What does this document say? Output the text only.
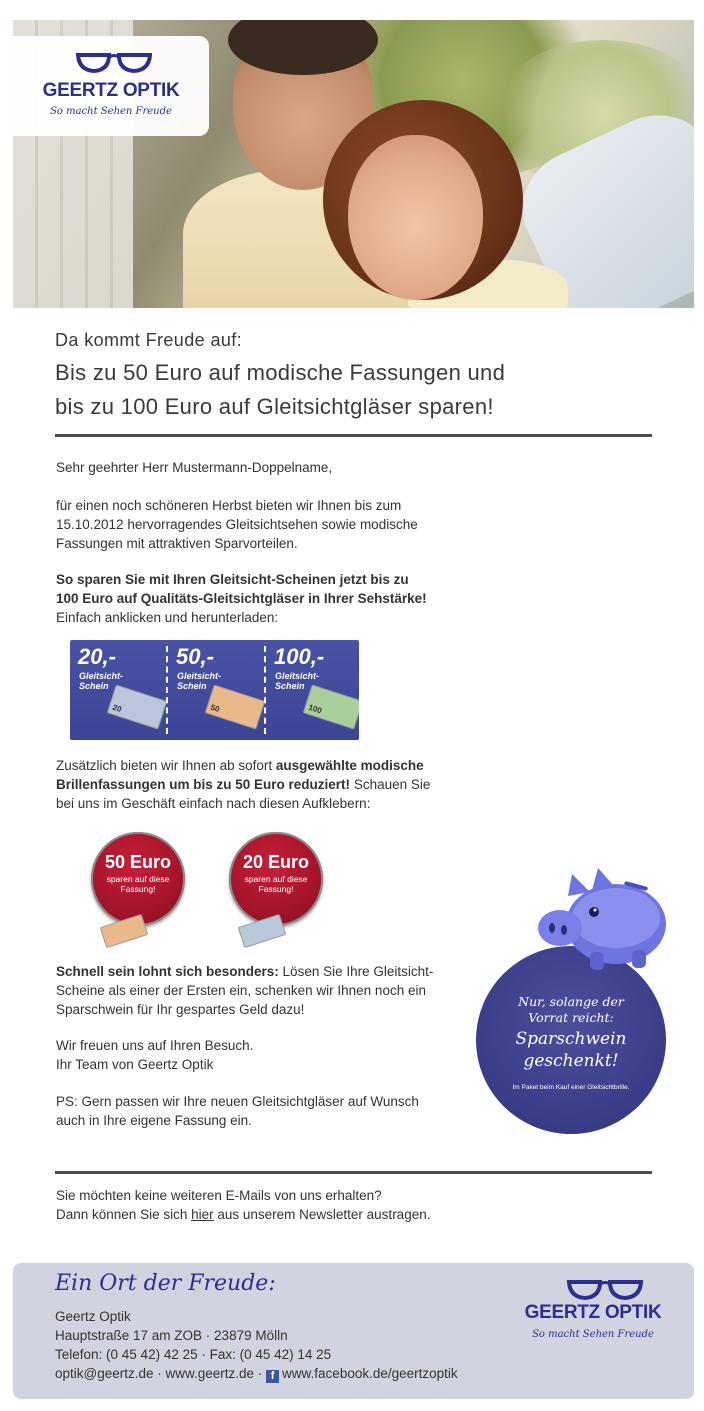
GEERTZ OPTIK
So macht Sehen Freude
Da kommt Freude auf:
Bis zu 50 Euro auf modische Fassungen und
bis zu 100 Euro auf Gleitsichtgläser sparen!
Sehr geehrter Herr Mustermann-Doppelname,
für einen noch schöneren Herbst bieten wir Ihnen bis zum
15.10.2012 hervorragendes Gleitsichtsehen sowie modische
Fassungen mit attraktiven Sparvorteilen.
So sparen Sie mit Ihren Gleitsicht-Scheinen jetzt bis zu
100 Euro auf Qualitäts-Gleitsichtgläser in Ihrer Sehstärke!
Einfach anklicken und herunterladen:
20,-
Gleitsicht-
Schein
20
50,-
Gleitsicht-
Schein
50
100,-
Gleitsicht-
Schein
100
Zusätzlich bieten wir Ihnen ab sofort ausgewählte modische
Brillenfassungen um bis zu 50 Euro reduziert! Schauen Sie
bei uns im Geschäft einfach nach diesen Aufklebern:
50 Euro
sparen auf diese
Fassung!
20 Euro
sparen auf diese
Fassung!
Schnell sein lohnt sich besonders: Lösen Sie Ihre Gleitsicht-
Scheine als einer der Ersten ein, schenken wir Ihnen noch ein
Sparschwein für Ihr gespartes Geld dazu!
Wir freuen uns auf Ihren Besuch.
Ihr Team von Geertz Optik
PS: Gern passen wir Ihre neuen Gleitsichtgläser auf Wunsch
auch in Ihre eigene Fassung ein.
Nur, solange der
Vorrat reicht:
Sparschwein
geschenkt!
Im Paket beim Kauf einer Gleitsichtbrille.
Sie möchten keine weiteren E-Mails von uns erhalten?
Dann können Sie sich hier aus unserem Newsletter austragen.
Ein Ort der Freude:
Geertz Optik
Hauptstraße 17 am ZOB · 23879 Mölln
Telefon: (0 45 42) 42 25 · Fax: (0 45 42) 14 25
optik@geertz.de · www.geertz.de · f www.facebook.de/geertzoptik
GEERTZ OPTIK
So macht Sehen Freude
